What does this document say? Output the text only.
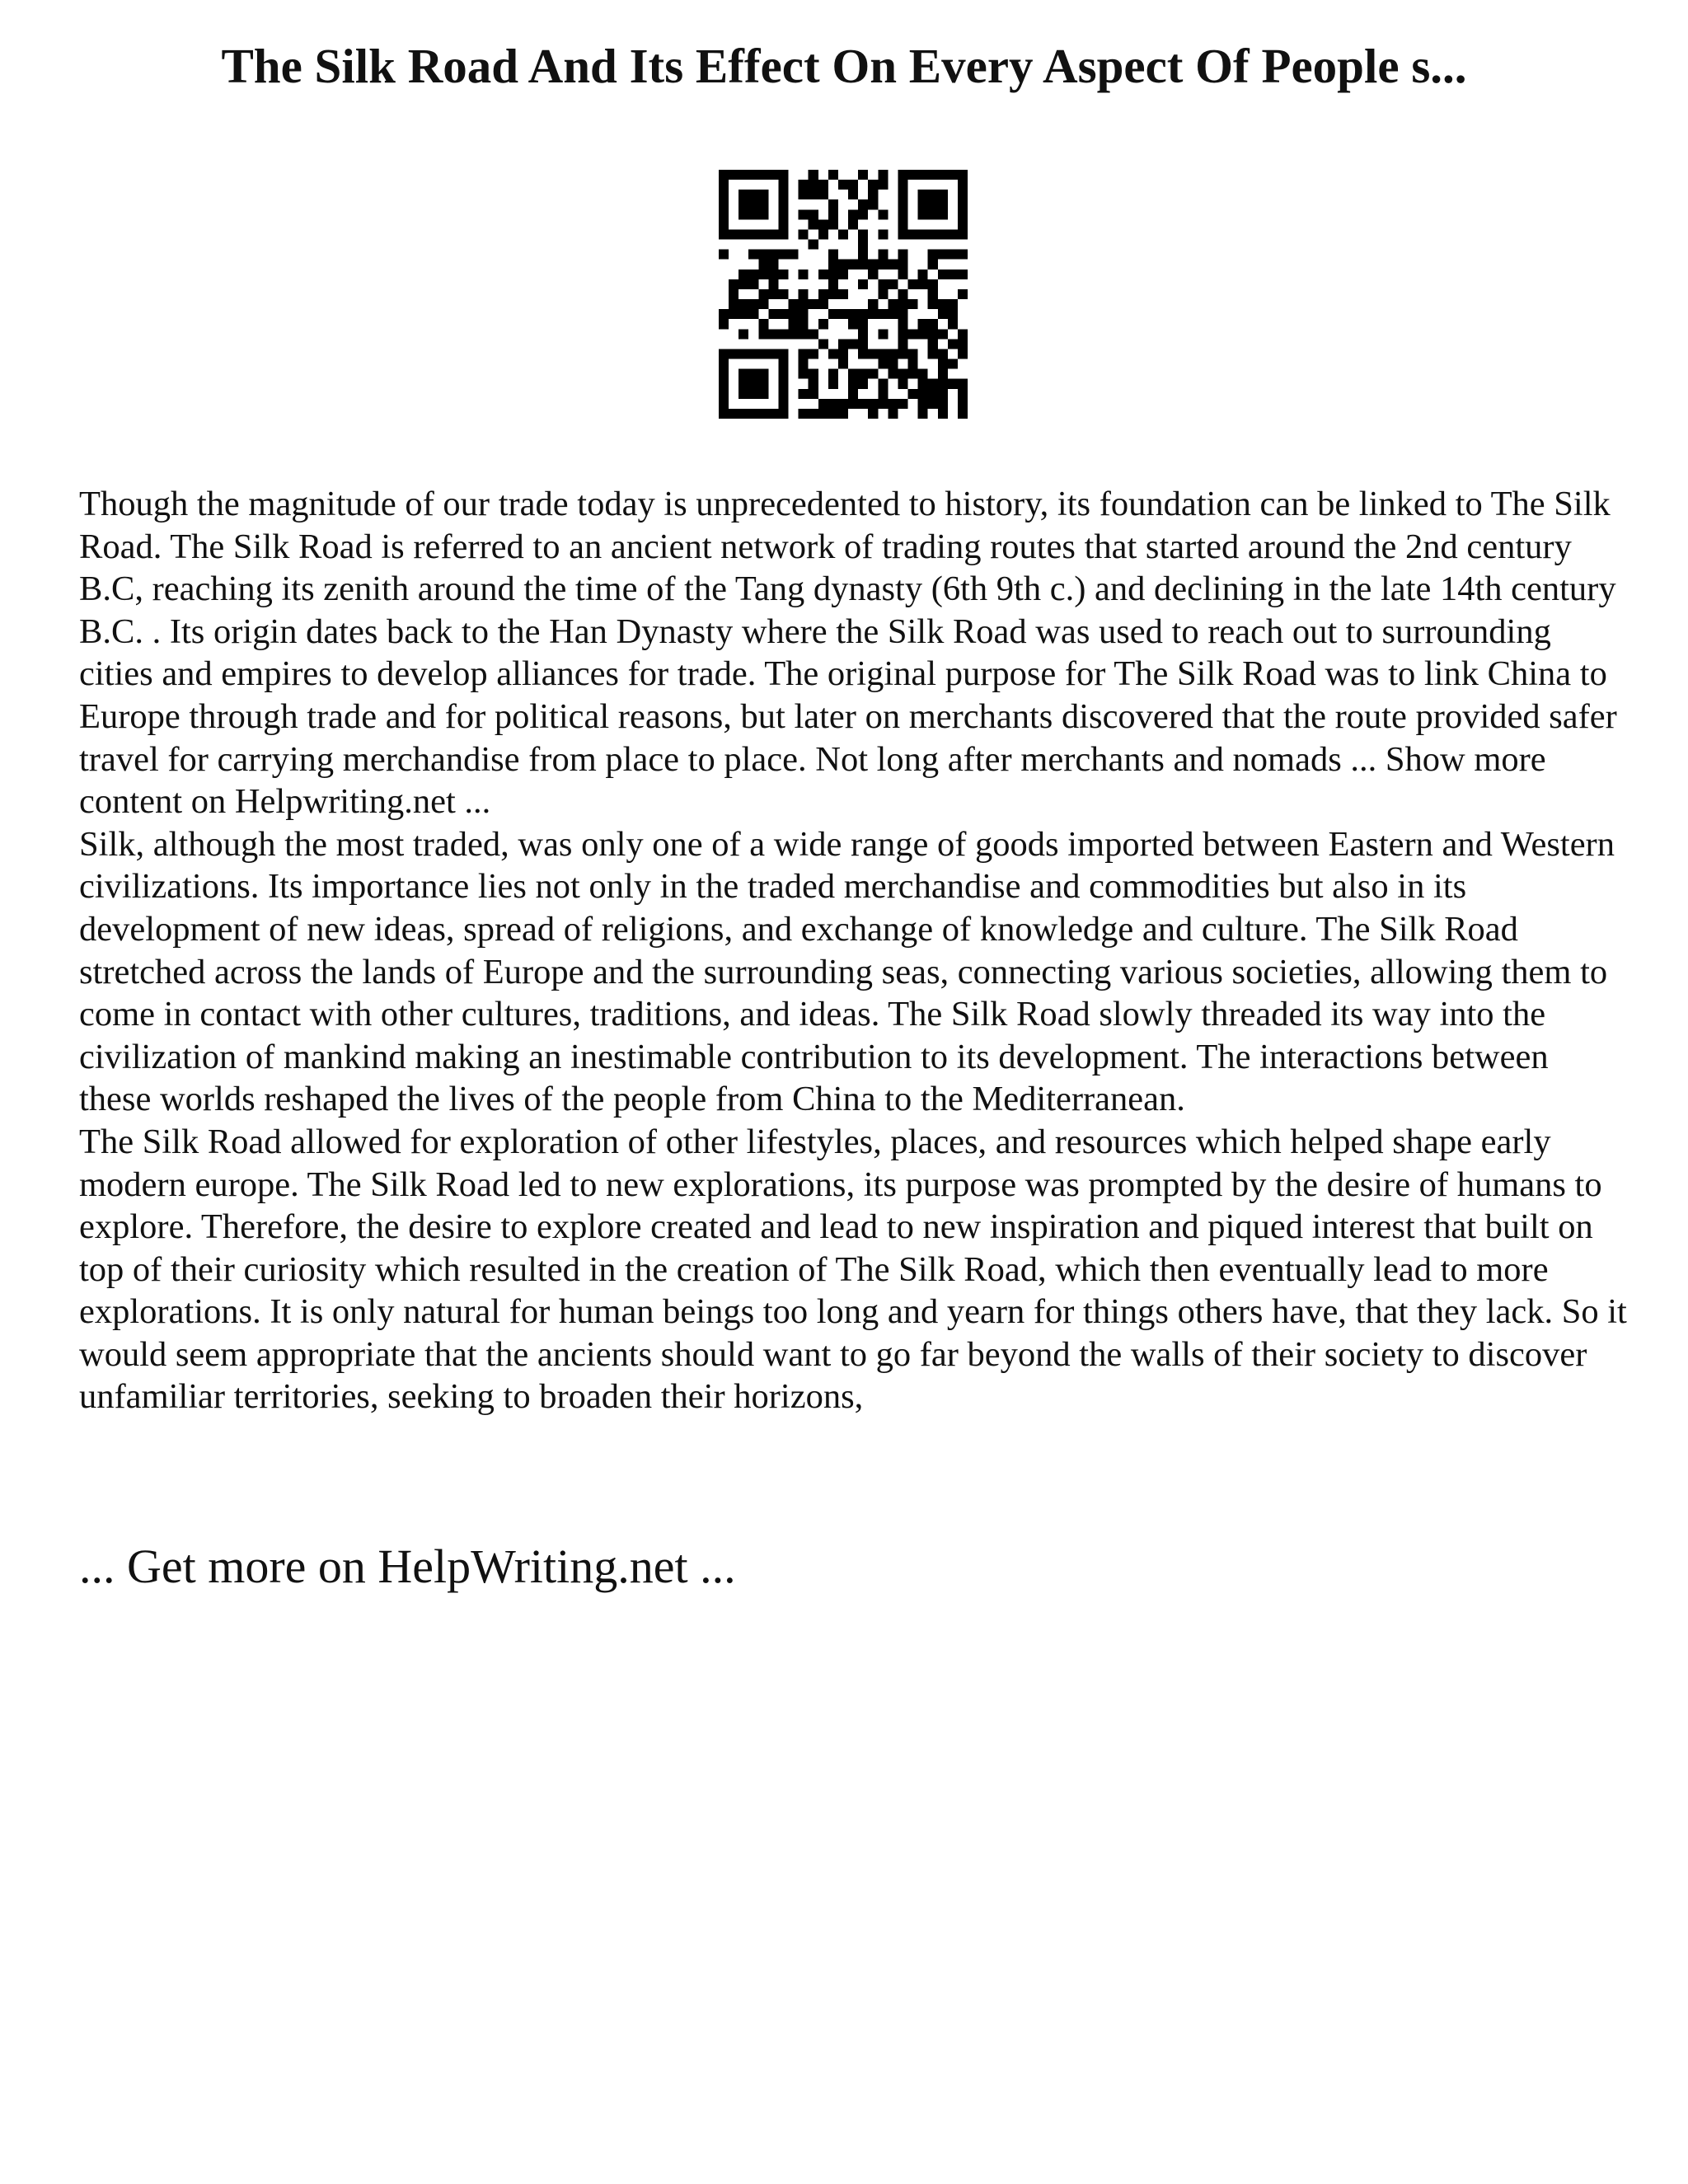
The Silk Road And Its Effect On Every Aspect Of People s...

Though the magnitude of our trade today is unprecedented to history, its foundation can be linked to The Silk Road. The Silk Road is referred to an ancient network of trading routes that started around the 2nd century B.C, reaching its zenith around the time of the Tang dynasty (6th 9th c.) and declining in the late 14th century B.C. . Its origin dates back to the Han Dynasty where the Silk Road was used to reach out to surrounding cities and empires to develop alliances for trade. The original purpose for The Silk Road was to link China to Europe through trade and for political reasons, but later on merchants discovered that the route provided safer travel for carrying merchandise from place to place. Not long after merchants and nomads ... Show more content on Helpwriting.net ...

Silk, although the most traded, was only one of a wide range of goods imported between Eastern and Western civilizations. Its importance lies not only in the traded merchandise and commodities but also in its development of new ideas, spread of religions, and exchange of knowledge and culture. The Silk Road stretched across the lands of Europe and the surrounding seas, connecting various societies, allowing them to come in contact with other cultures, traditions, and ideas. The Silk Road slowly threaded its way into the civilization of mankind making an inestimable contribution to its development. The interactions between these worlds reshaped the lives of the people from China to the Mediterranean.

The Silk Road allowed for exploration of other lifestyles, places, and resources which helped shape early modern europe. The Silk Road led to new explorations, its purpose was prompted by the desire of humans to explore. Therefore, the desire to explore created and lead to new inspiration and piqued interest that built on top of their curiosity which resulted in the creation of The Silk Road, which then eventually lead to more explorations. It is only natural for human beings too long and yearn for things others have, that they lack. So it would seem appropriate that the ancients should want to go far beyond the walls of their society to discover unfamiliar territories, seeking to broaden their horizons,

... Get more on HelpWriting.net ...
